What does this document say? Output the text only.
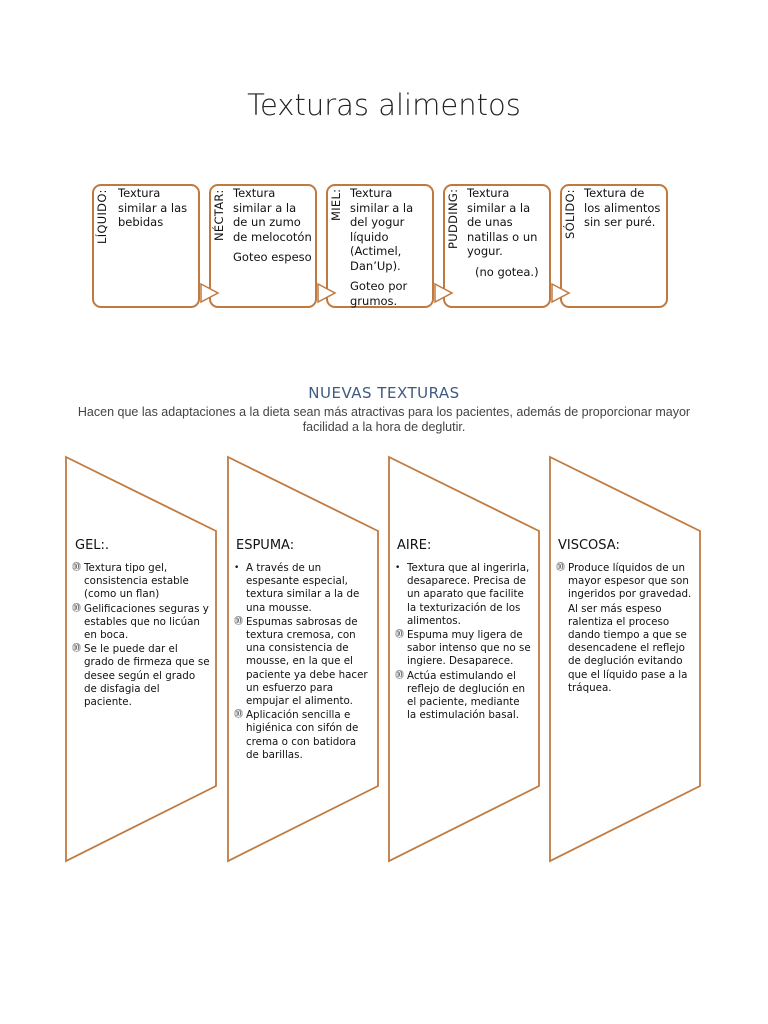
Texturas alimentos
LÍQUIDO: Textura similar a las bebidas	NÉCTAR: Textura similar a la de un zumo de melocotón

Goteo espeso

MIEL: Textura similar a la del yogur líquido (Actimel, Dan’Up).

Goteo por grumos.

PUDDING: Textura similar a la de unas natillas o un yogur.

(no gotea.)

SÓLIDO: Textura de los alimentos sin ser puré.

NUEVAS TEXTURAS
Hacen que las adaptaciones a la dieta sean más atractivas para los pacientes, además de proporcionar mayor facilidad a la hora de deglutir.
GEL:.
⓾ Textura tipo gel, consistencia estable (como un flan)
⓾ Gelificaciones seguras y estables que no licúan en boca.
⓾ Se le puede dar el grado de firmeza que se desee según el grado de disfagia del paciente.
ESPUMA:
• A través de un espesante especial, textura similar a la de una mousse.
⓾ Espumas sabrosas de textura cremosa, con una consistencia de mousse, en la que el paciente ya debe hacer un esfuerzo para empujar el alimento.
⓾ Aplicación sencilla e higiénica con sifón de crema o con batidora de barillas.
AIRE:
• Textura que al ingerirla, desaparece. Precisa de un aparato que facilite la texturización de los alimentos.
⓾ Espuma muy ligera de sabor intenso que no se ingiere. Desaparece.
⓾ Actúa estimulando el reflejo de deglución en el paciente, mediante la estimulación basal.
VISCOSA:
⓾ Produce líquidos de un mayor espesor que son ingeridos por gravedad.
Al ser más espeso ralentiza el proceso dando tiempo a que se desencadene el reflejo de deglución evitando que el líquido pase a la tráquea.
